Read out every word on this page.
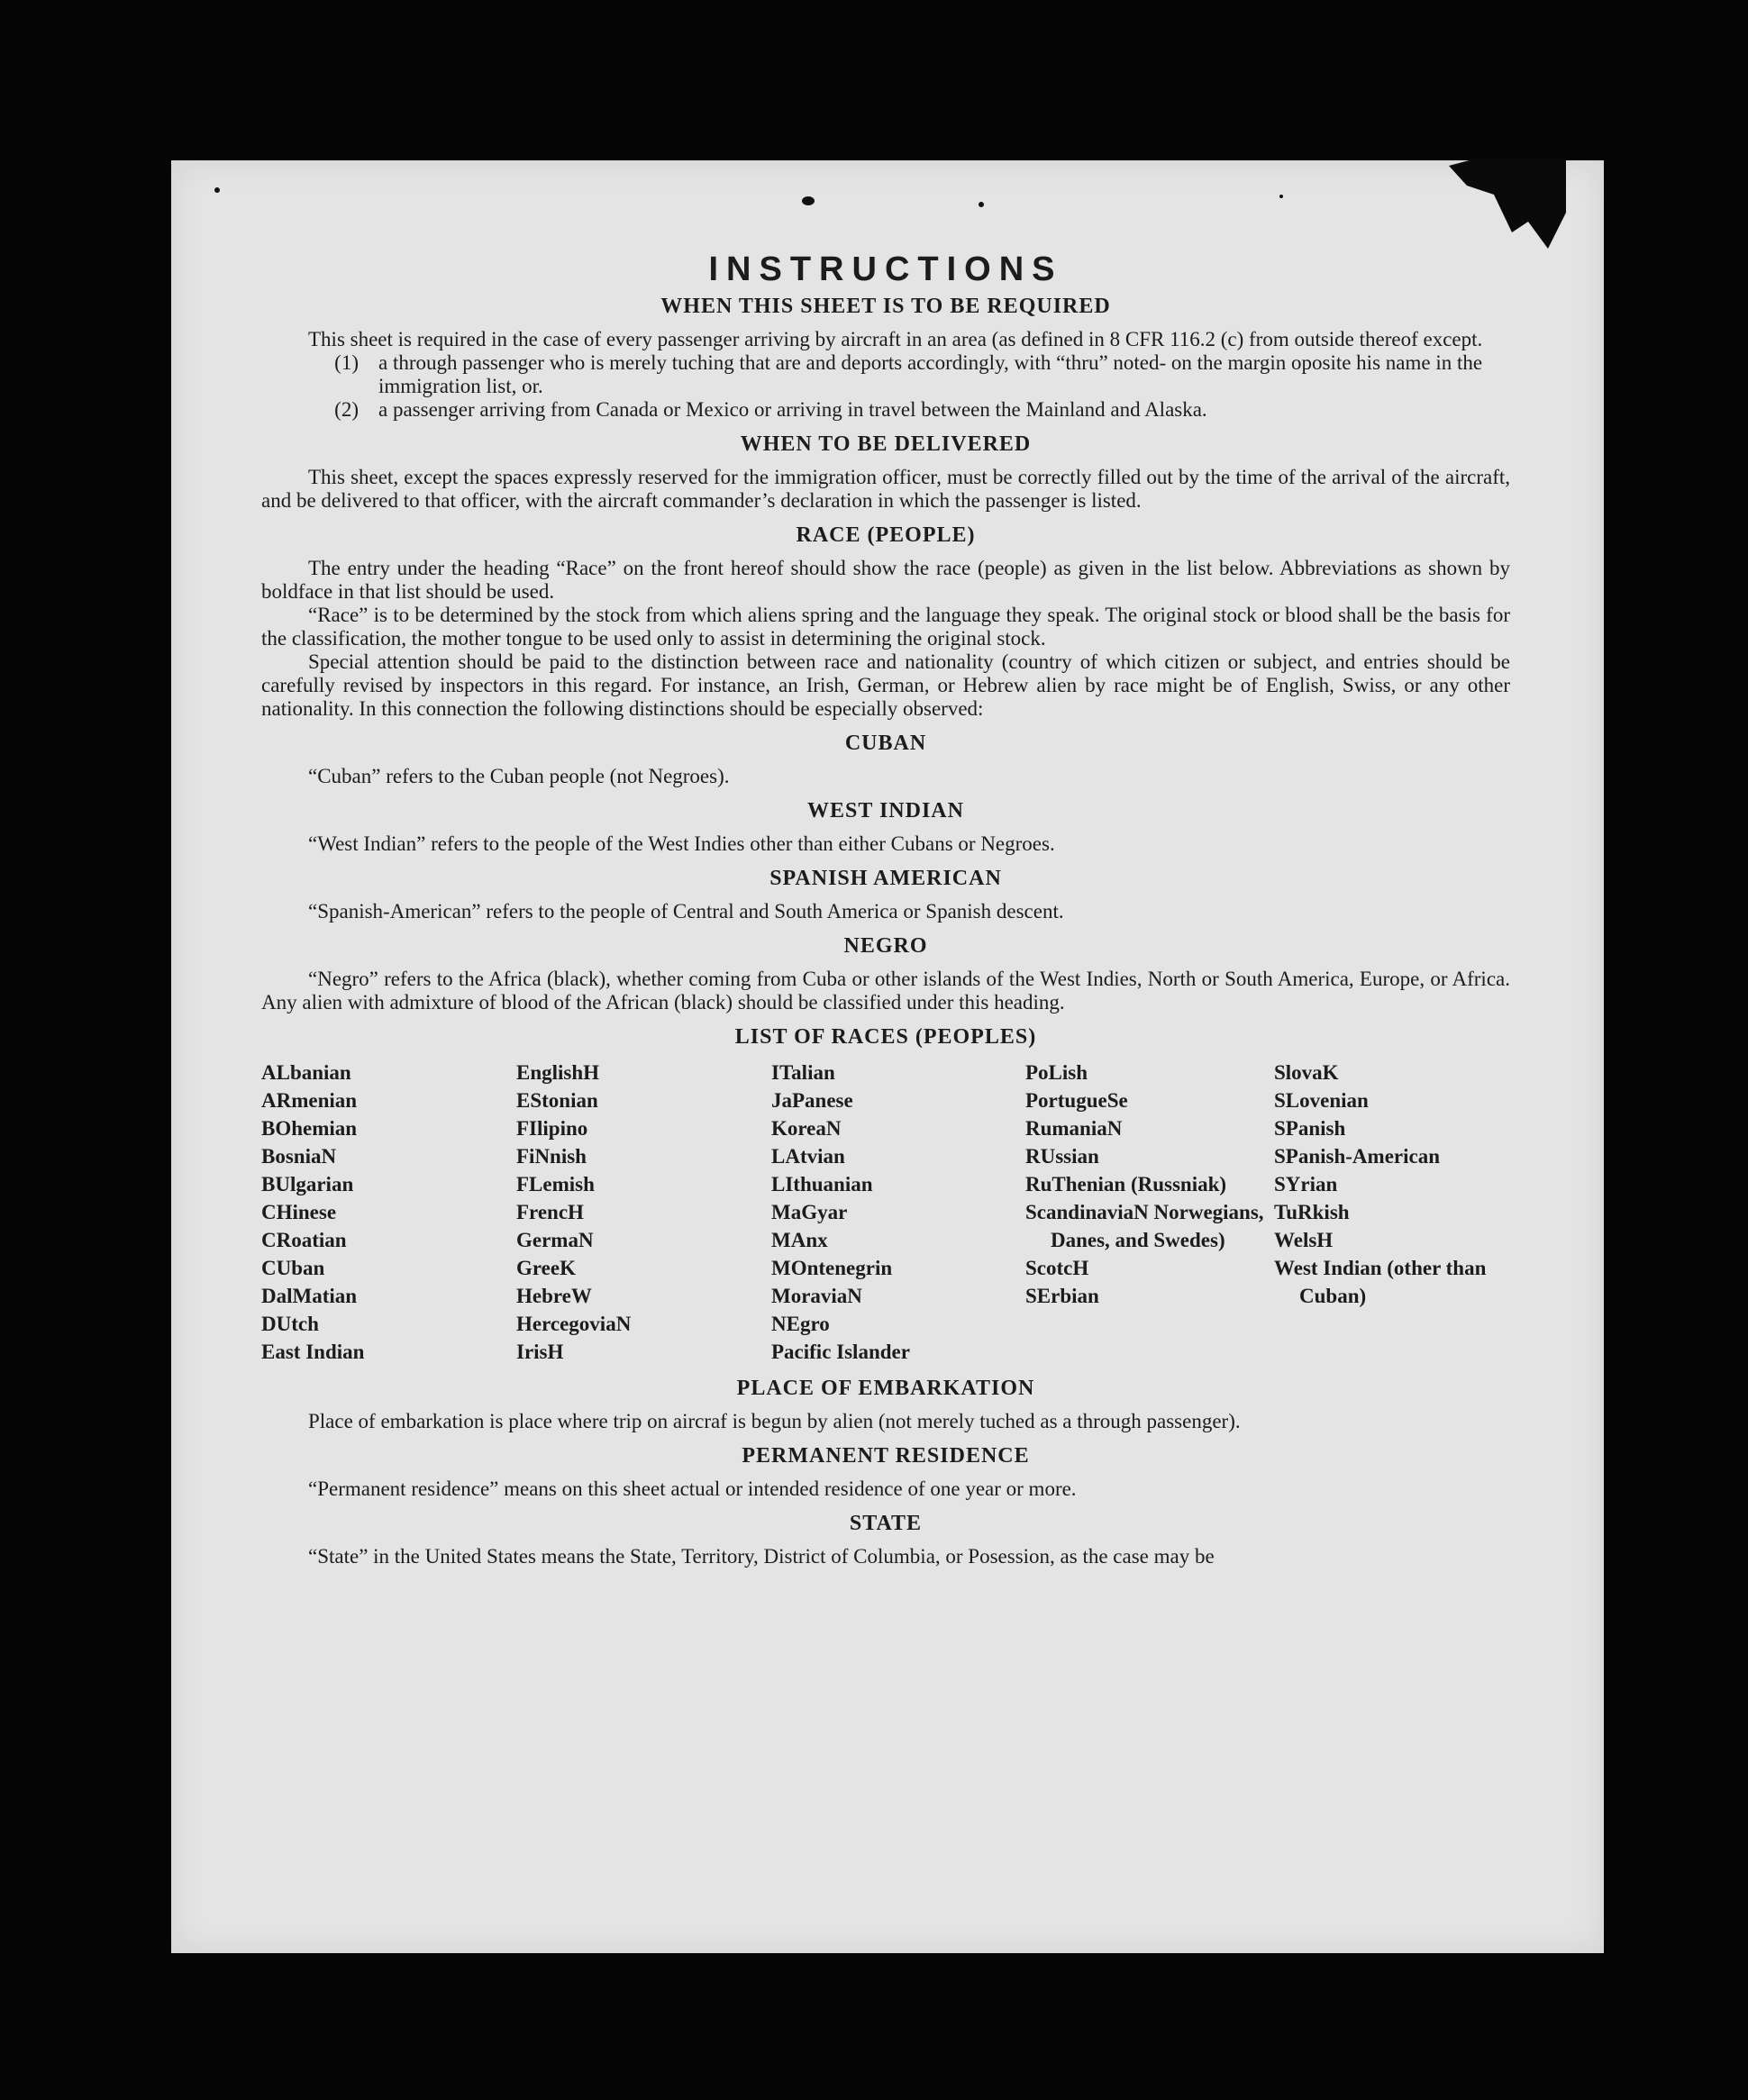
INSTRUCTIONS
WHEN THIS SHEET IS TO BE REQUIRED

This sheet is required in the case of every passenger arriving by aircraft in an area (as defined in 8 CFR 116.2 (c) from outside thereof except.

(1) a through passenger who is merely tuching that are and deports accordingly, with “thru” noted- on the margin oposite his name in the immigration list, or.
(2) a passenger arriving from Canada or Mexico or arriving in travel between the Mainland and Alaska.
WHEN TO BE DELIVERED

This sheet, except the spaces expressly reserved for the immigration officer, must be correctly filled out by the time of the arrival of the aircraft, and be delivered to that officer, with the aircraft commander’s declaration in which the passenger is listed.

RACE (PEOPLE)

The entry under the heading “Race” on the front hereof should show the race (people) as given in the list below. Abbreviations as shown by boldface in that list should be used.

“Race” is to be determined by the stock from which aliens spring and the language they speak. The original stock or blood shall be the basis for the classification, the mother tongue to be used only to assist in determining the original stock.

Special attention should be paid to the distinction between race and nationality (country of which citizen or subject, and entries should be carefully revised by inspectors in this regard. For instance, an Irish, German, or Hebrew alien by race might be of English, Swiss, or any other nationality. In this connection the following distinctions should be especially observed:

CUBAN

“Cuban” refers to the Cuban people (not Negroes).

WEST INDIAN

“West Indian” refers to the people of the West Indies other than either Cubans or Negroes.

SPANISH AMERICAN

“Spanish-American” refers to the people of Central and South America or Spanish descent.

NEGRO

“Negro” refers to the Africa (black), whether coming from Cuba or other islands of the West Indies, North or South America, Europe, or Africa. Any alien with admixture of blood of the African (black) should be classified under this heading.

LIST OF RACES (PEOPLES)
ALbanian
ARmenian
BOhemian
BosniaN
BUlgarian
CHinese
CRoatian
CUban
DalMatian
DUtch
East Indian
EnglishH
EStonian
FIlipino
FiNnish
FLemish
FrencH
GermaN
GreeK
HebreW
HercegoviaN
IrisH
ITalian
JaPanese
KoreaN
LAtvian
LIthuanian
MaGyar
MAnx
MOntenegrin
MoraviaN
NEgro
Pacific Islander
PoLish
PortugueSe
RumaniaN
RUssian
RuThenian (Russniak)
ScandinaviaN Norwegians, Danes, and Swedes)
ScotcH
SErbian
SlovaK
SLovenian
SPanish
SPanish-American
SYrian
TuRkish
WelsH
West Indian (other than Cuban)
PLACE OF EMBARKATION

Place of embarkation is place where trip on aircraf is begun by alien (not merely tuched as a through passenger).

PERMANENT RESIDENCE

“Permanent residence” means on this sheet actual or intended residence of one year or more.

STATE

“State” in the United States means the State, Territory, District of Columbia, or Posession, as the case may be
